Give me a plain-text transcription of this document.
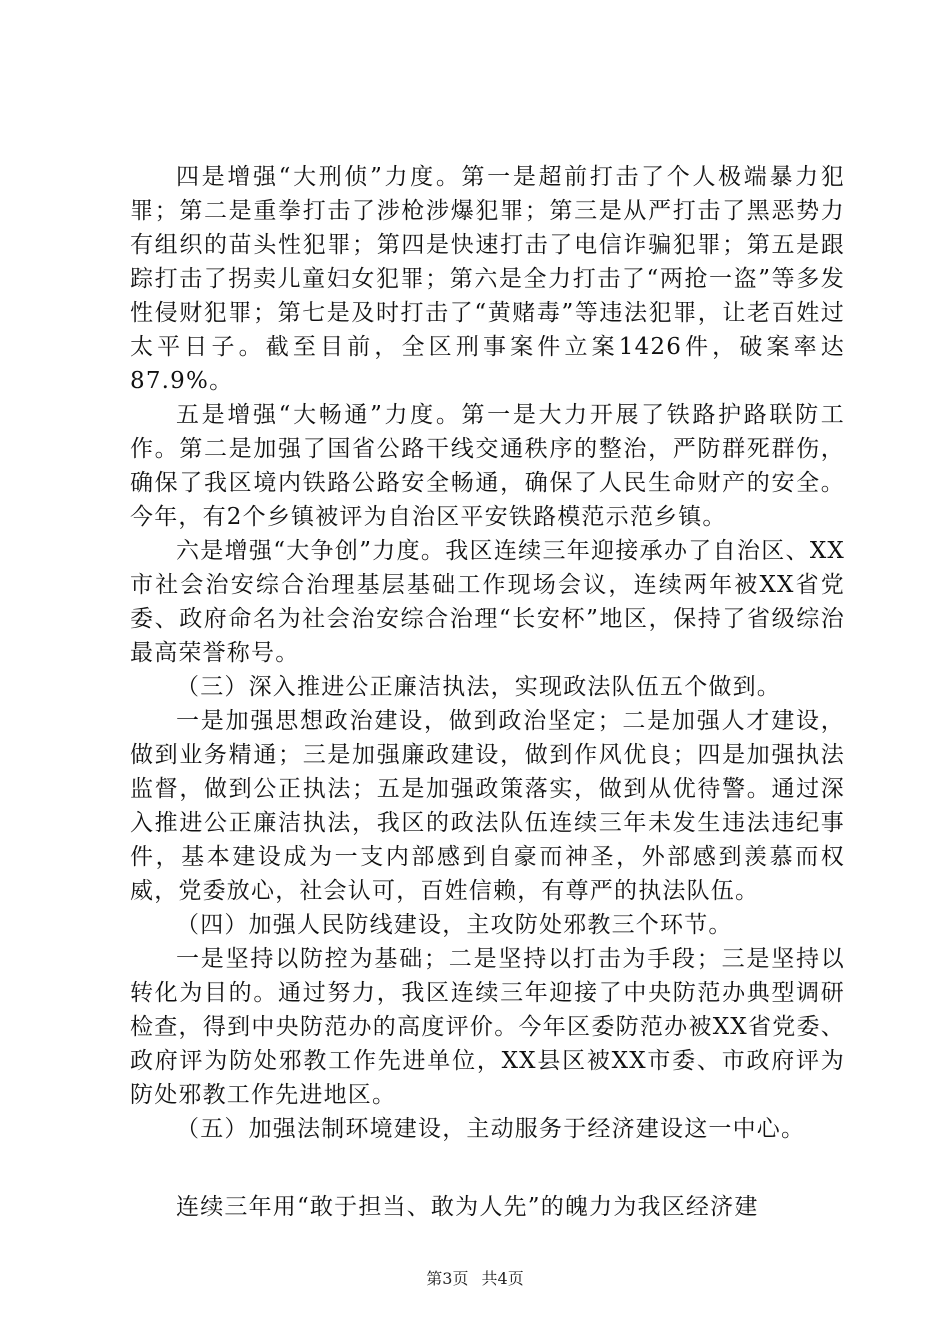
四是增强“大刑侦”力度。第一是超前打击了个人极端暴力犯罪；第二是重拳打击了涉枪涉爆犯罪；第三是从严打击了黑恶势力有组织的苗头性犯罪；第四是快速打击了电信诈骗犯罪；第五是跟踪打击了拐卖儿童妇女犯罪；第六是全力打击了“两抢一盗”等多发性侵财犯罪；第七是及时打击了“黄赌毒”等违法犯罪，让老百姓过太平日子。截至目前，全区刑事案件立案1426件，破案率达87.9%。

五是增强“大畅通”力度。第一是大力开展了铁路护路联防工作。第二是加强了国省公路干线交通秩序的整治，严防群死群伤，确保了我区境内铁路公路安全畅通，确保了人民生命财产的安全。今年，有2个乡镇被评为自治区平安铁路模范示范乡镇。

六是增强“大争创”力度。我区连续三年迎接承办了自治区、XX市社会治安综合治理基层基础工作现场会议，连续两年被XX省党委、政府命名为社会治安综合治理“长安杯”地区，保持了省级综治最高荣誉称号。

（三）深入推进公正廉洁执法，实现政法队伍五个做到。

一是加强思想政治建设，做到政治坚定；二是加强人才建设，做到业务精通；三是加强廉政建设，做到作风优良；四是加强执法监督，做到公正执法；五是加强政策落实，做到从优待警。通过深入推进公正廉洁执法，我区的政法队伍连续三年未发生违法违纪事件，基本建设成为一支内部感到自豪而神圣，外部感到羡慕而权威，党委放心，社会认可，百姓信赖，有尊严的执法队伍。

（四）加强人民防线建设，主攻防处邪教三个环节。

一是坚持以防控为基础；二是坚持以打击为手段；三是坚持以转化为目的。通过努力，我区连续三年迎接了中央防范办典型调研检查，得到中央防范办的高度评价。今年区委防范办被XX省党委、政府评为防处邪教工作先进单位，XX县区被XX市委、市政府评为防处邪教工作先进地区。

（五）加强法制环境建设，主动服务于经济建设这一中心。

连续三年用“敢于担当、敢为人先”的魄力为我区经济建

第3页 共4页
